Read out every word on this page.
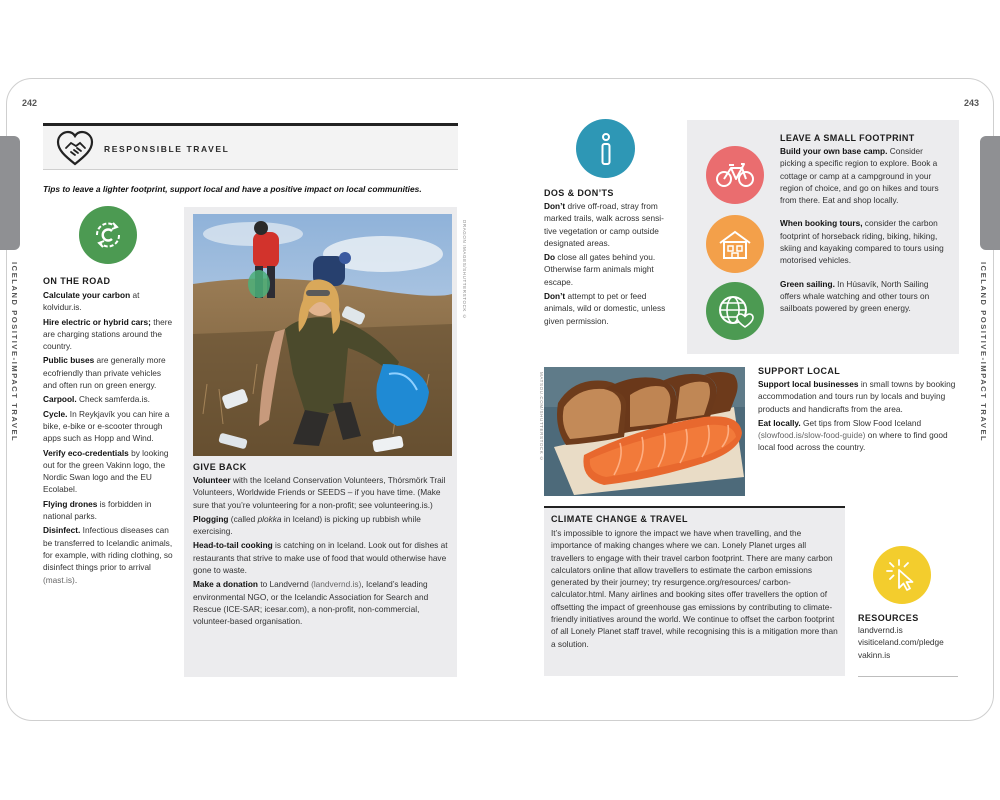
242	243
ICELAND POSITIVE-IMPACT TRAVEL	ICELAND POSITIVE-IMPACT TRAVEL
RESPONSIBLE TRAVEL
Tips to leave a lighter footprint, support local and have a positive impact on local communities.
ON THE ROAD

Calculate your carbon at kolvidur.is.

Hire electric or hybrid cars; there are charging stations around the country.

Public buses are generally more ecofriendly than private vehicles and often run on green energy.

Carpool. Check samferda.is.

Cycle. In Reykjavík you can hire a bike, e-bike or e-scooter through apps such as Hopp and Wind.

Verify eco-credentials by looking out for the green Vakinn logo, the Nordic Swan logo and the EU Ecolabel.

Flying drones is forbidden in national parks.

Disinfect. Infectious diseases can be transferred to Icelandic animals, for example, with riding clothing, so disinfect things prior to arrival (mast.is).

DRAGON IMAGES/SHUTTERSTOCK ©
GIVE BACK

Volunteer with the Iceland Conservation Volunteers, Thórsmörk Trail Volunteers, Worldwide Friends or SEEDS – if you have time. (Make sure that you’re volunteering for a non-profit; see volunteering.is.)

Plogging (called plokka in Iceland) is picking up rubbish while exercising.

Head-to-tail cooking is catching on in Iceland. Look out for dishes at restaurants that strive to make use of food that would otherwise have gone to waste.

Make a donation to Landvernd (landvernd.is), Iceland’s leading environmental NGO, or the Icelandic Association for Search and Rescue (ICE-SAR; icesar.com), a non-profit, non-commercial, volunteer-based organisation.

DOS & DON’TS

Don’t drive off-road, stray from marked trails, walk across sensi-tive vegetation or camp outside designated areas.

Do close all gates behind you. Otherwise farm animals might escape.

Don’t attempt to pet or feed animals, wild or domestic, unless given permission.

LEAVE A SMALL FOOTPRINT

Build your own base camp. Consider picking a specific region to explore. Book a cottage or camp at a campground in your region of choice, and go on hikes and tours from there. Eat and shop locally.

When booking tours, consider the carbon footprint of horseback riding, biking, hiking, skiing and kayaking compared to tours using motorised vehicles.

Green sailing. In Húsavík, North Sailing offers whale watching and other tours on sailboats powered by green energy.

MATSOU.COM/SHUTTERSTOCK ©
SUPPORT LOCAL

Support local businesses in small towns by booking accommodation and tours run by locals and buying products and handicrafts from the area.

Eat locally. Get tips from Slow Food Iceland (slowfood.is/slow-food-guide) on where to find good local food across the country.

CLIMATE CHANGE & TRAVEL
It’s impossible to ignore the impact we have when travelling, and the importance of making changes where we can. Lonely Planet urges all travellers to engage with their travel carbon footprint. There are many carbon calculators online that allow travellers to estimate the carbon emissions generated by their journey; try resurgence.org/resources/ carbon-calculator.html. Many airlines and booking sites offer travellers the option of offsetting the impact of greenhouse gas emissions by contributing to climate-friendly initiatives around the world. We continue to offset the carbon footprint of all Lonely Planet staff travel, while recognising this is a mitigation more than a solution.
RESOURCES
landvernd.is
visiticeland.com/pledge
vakinn.is
